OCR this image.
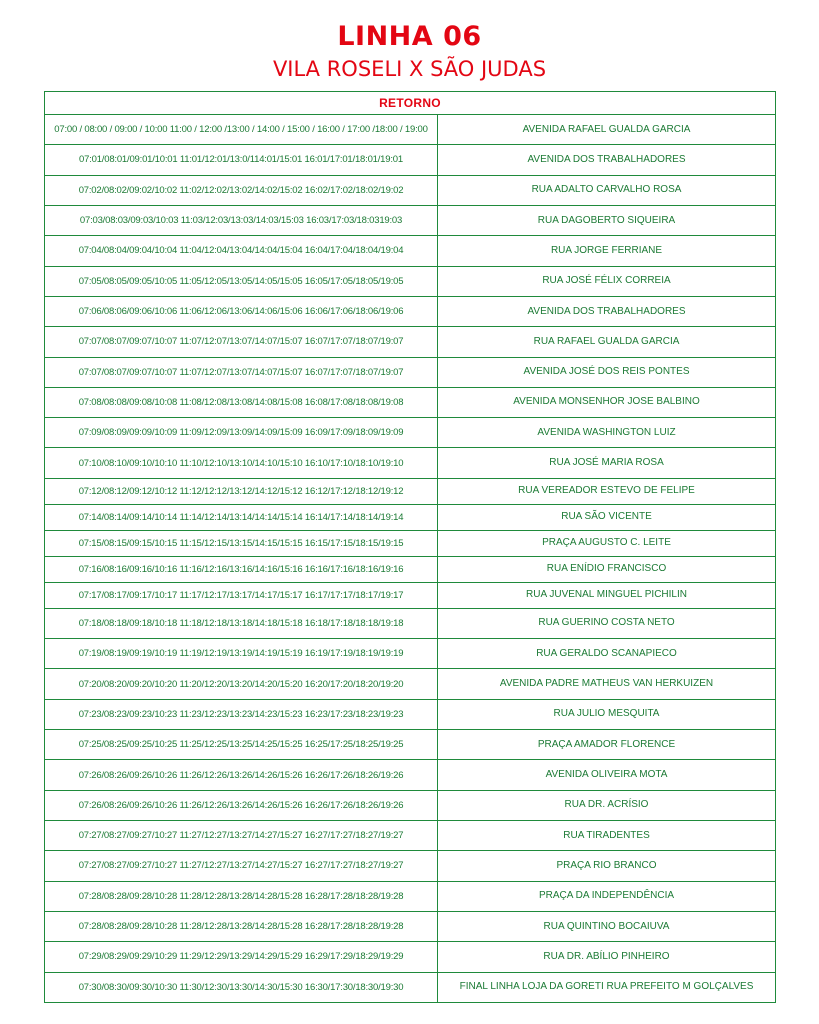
LINHA 06
VILA ROSELI X SÃO JUDAS
RETORNO	
07:00 / 08:00 / 09:00 / 10:00 11:00 / 12:00 /13:00 / 14:00 / 15:00 / 16:00 / 17:00 /18:00 / 19:00	AVENIDA RAFAEL GUALDA GARCIA
07:01/08:01/09:01/10:01 11:01/12:01/13:0/114:01/15:01 16:01/17:01/18:01/19:01	AVENIDA DOS TRABALHADORES
07:02/08:02/09:02/10:02 11:02/12:02/13:02/14:02/15:02 16:02/17:02/18:02/19:02	RUA ADALTO CARVALHO ROSA
07:03/08:03/09:03/10:03 11:03/12:03/13:03/14:03/15:03 16:03/17:03/18:0319:03	RUA DAGOBERTO SIQUEIRA
07:04/08:04/09:04/10:04 11:04/12:04/13:04/14:04/15:04 16:04/17:04/18:04/19:04	RUA JORGE FERRIANE
07:05/08:05/09:05/10:05 11:05/12:05/13:05/14:05/15:05 16:05/17:05/18:05/19:05	RUA JOSÉ FÉLIX CORREIA
07:06/08:06/09:06/10:06 11:06/12:06/13:06/14:06/15:06 16:06/17:06/18:06/19:06	AVENIDA DOS TRABALHADORES
07:07/08:07/09:07/10:07 11:07/12:07/13:07/14:07/15:07 16:07/17:07/18:07/19:07	RUA RAFAEL GUALDA GARCIA
07:07/08:07/09:07/10:07 11:07/12:07/13:07/14:07/15:07 16:07/17:07/18:07/19:07	AVENIDA JOSÉ DOS REIS PONTES
07:08/08:08/09:08/10:08 11:08/12:08/13:08/14:08/15:08 16:08/17:08/18:08/19:08	AVENIDA MONSENHOR JOSE BALBINO
07:09/08:09/09:09/10:09 11:09/12:09/13:09/14:09/15:09 16:09/17:09/18:09/19:09	AVENIDA WASHINGTON LUIZ
07:10/08:10/09:10/10:10 11:10/12:10/13:10/14:10/15:10 16:10/17:10/18:10/19:10	RUA JOSÉ MARIA ROSA
07:12/08:12/09:12/10:12 11:12/12:12/13:12/14:12/15:12 16:12/17:12/18:12/19:12	RUA VEREADOR ESTEVO DE FELIPE
07:14/08:14/09:14/10:14 11:14/12:14/13:14/14:14/15:14 16:14/17:14/18:14/19:14	RUA SÃO VICENTE
07:15/08:15/09:15/10:15 11:15/12:15/13:15/14:15/15:15 16:15/17:15/18:15/19:15	PRAÇA AUGUSTO C. LEITE
07:16/08:16/09:16/10:16 11:16/12:16/13:16/14:16/15:16 16:16/17:16/18:16/19:16	RUA ENÍDIO FRANCISCO
07:17/08:17/09:17/10:17 11:17/12:17/13:17/14:17/15:17 16:17/17:17/18:17/19:17	RUA JUVENAL MINGUEL PICHILIN
07:18/08:18/09:18/10:18 11:18/12:18/13:18/14:18/15:18 16:18/17:18/18:18/19:18	RUA GUERINO COSTA NETO
07:19/08:19/09:19/10:19 11:19/12:19/13:19/14:19/15:19 16:19/17:19/18:19/19:19	RUA GERALDO SCANAPIECO
07:20/08:20/09:20/10:20 11:20/12:20/13:20/14:20/15:20 16:20/17:20/18:20/19:20	AVENIDA PADRE MATHEUS VAN HERKUIZEN
07:23/08:23/09:23/10:23 11:23/12:23/13:23/14:23/15:23 16:23/17:23/18:23/19:23	RUA JULIO MESQUITA
07:25/08:25/09:25/10:25 11:25/12:25/13:25/14:25/15:25 16:25/17:25/18:25/19:25	PRAÇA AMADOR FLORENCE
07:26/08:26/09:26/10:26 11:26/12:26/13:26/14:26/15:26 16:26/17:26/18:26/19:26	AVENIDA OLIVEIRA MOTA
07:26/08:26/09:26/10:26 11:26/12:26/13:26/14:26/15:26 16:26/17:26/18:26/19:26	RUA DR. ACRÍSIO
07:27/08:27/09:27/10:27 11:27/12:27/13:27/14:27/15:27 16:27/17:27/18:27/19:27	RUA TIRADENTES
07:27/08:27/09:27/10:27 11:27/12:27/13:27/14:27/15:27 16:27/17:27/18:27/19:27	PRAÇA RIO BRANCO
07:28/08:28/09:28/10:28 11:28/12:28/13:28/14:28/15:28 16:28/17:28/18:28/19:28	PRAÇA DA INDEPENDÊNCIA
07:28/08:28/09:28/10:28 11:28/12:28/13:28/14:28/15:28 16:28/17:28/18:28/19:28	RUA QUINTINO BOCAIUVA
07:29/08:29/09:29/10:29 11:29/12:29/13:29/14:29/15:29 16:29/17:29/18:29/19:29	RUA DR. ABÍLIO PINHEIRO
07:30/08:30/09:30/10:30 11:30/12:30/13:30/14:30/15:30 16:30/17:30/18:30/19:30	FINAL LINHA LOJA DA GORETI RUA PREFEITO M GOLÇALVES
